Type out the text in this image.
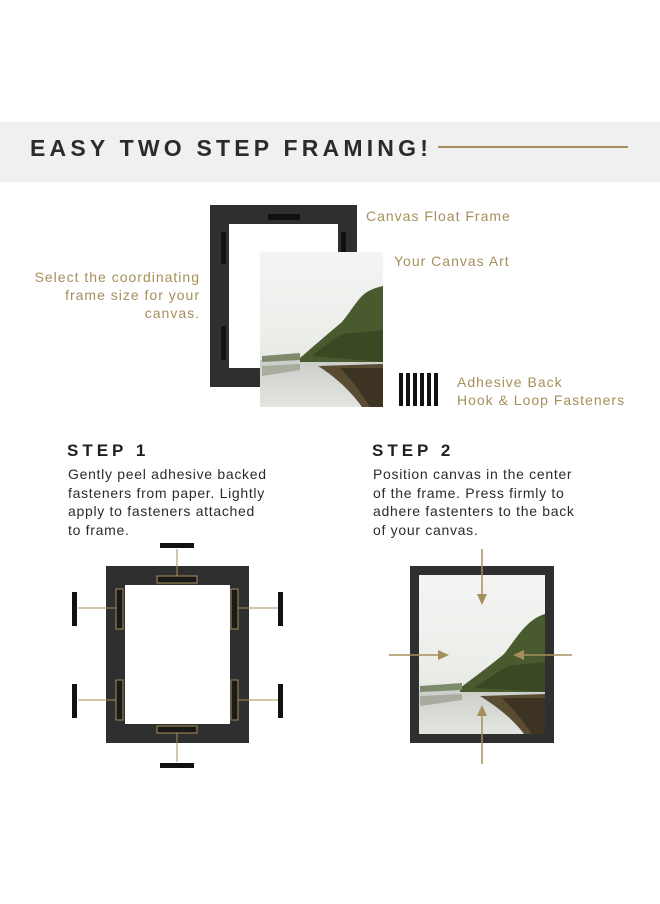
EASY TWO STEP FRAMING!
Canvas Float Frame
Your Canvas Art
Select the coordinating
frame size for your
canvas.
Adhesive Back
Hook & Loop Fasteners
STEP 1
Gently peel adhesive backed
fasteners from paper. Lightly
apply to fasteners attached
to frame.
STEP 2
Position canvas in the center
of the frame. Press firmly to
adhere fastenters to the back
of your canvas.
